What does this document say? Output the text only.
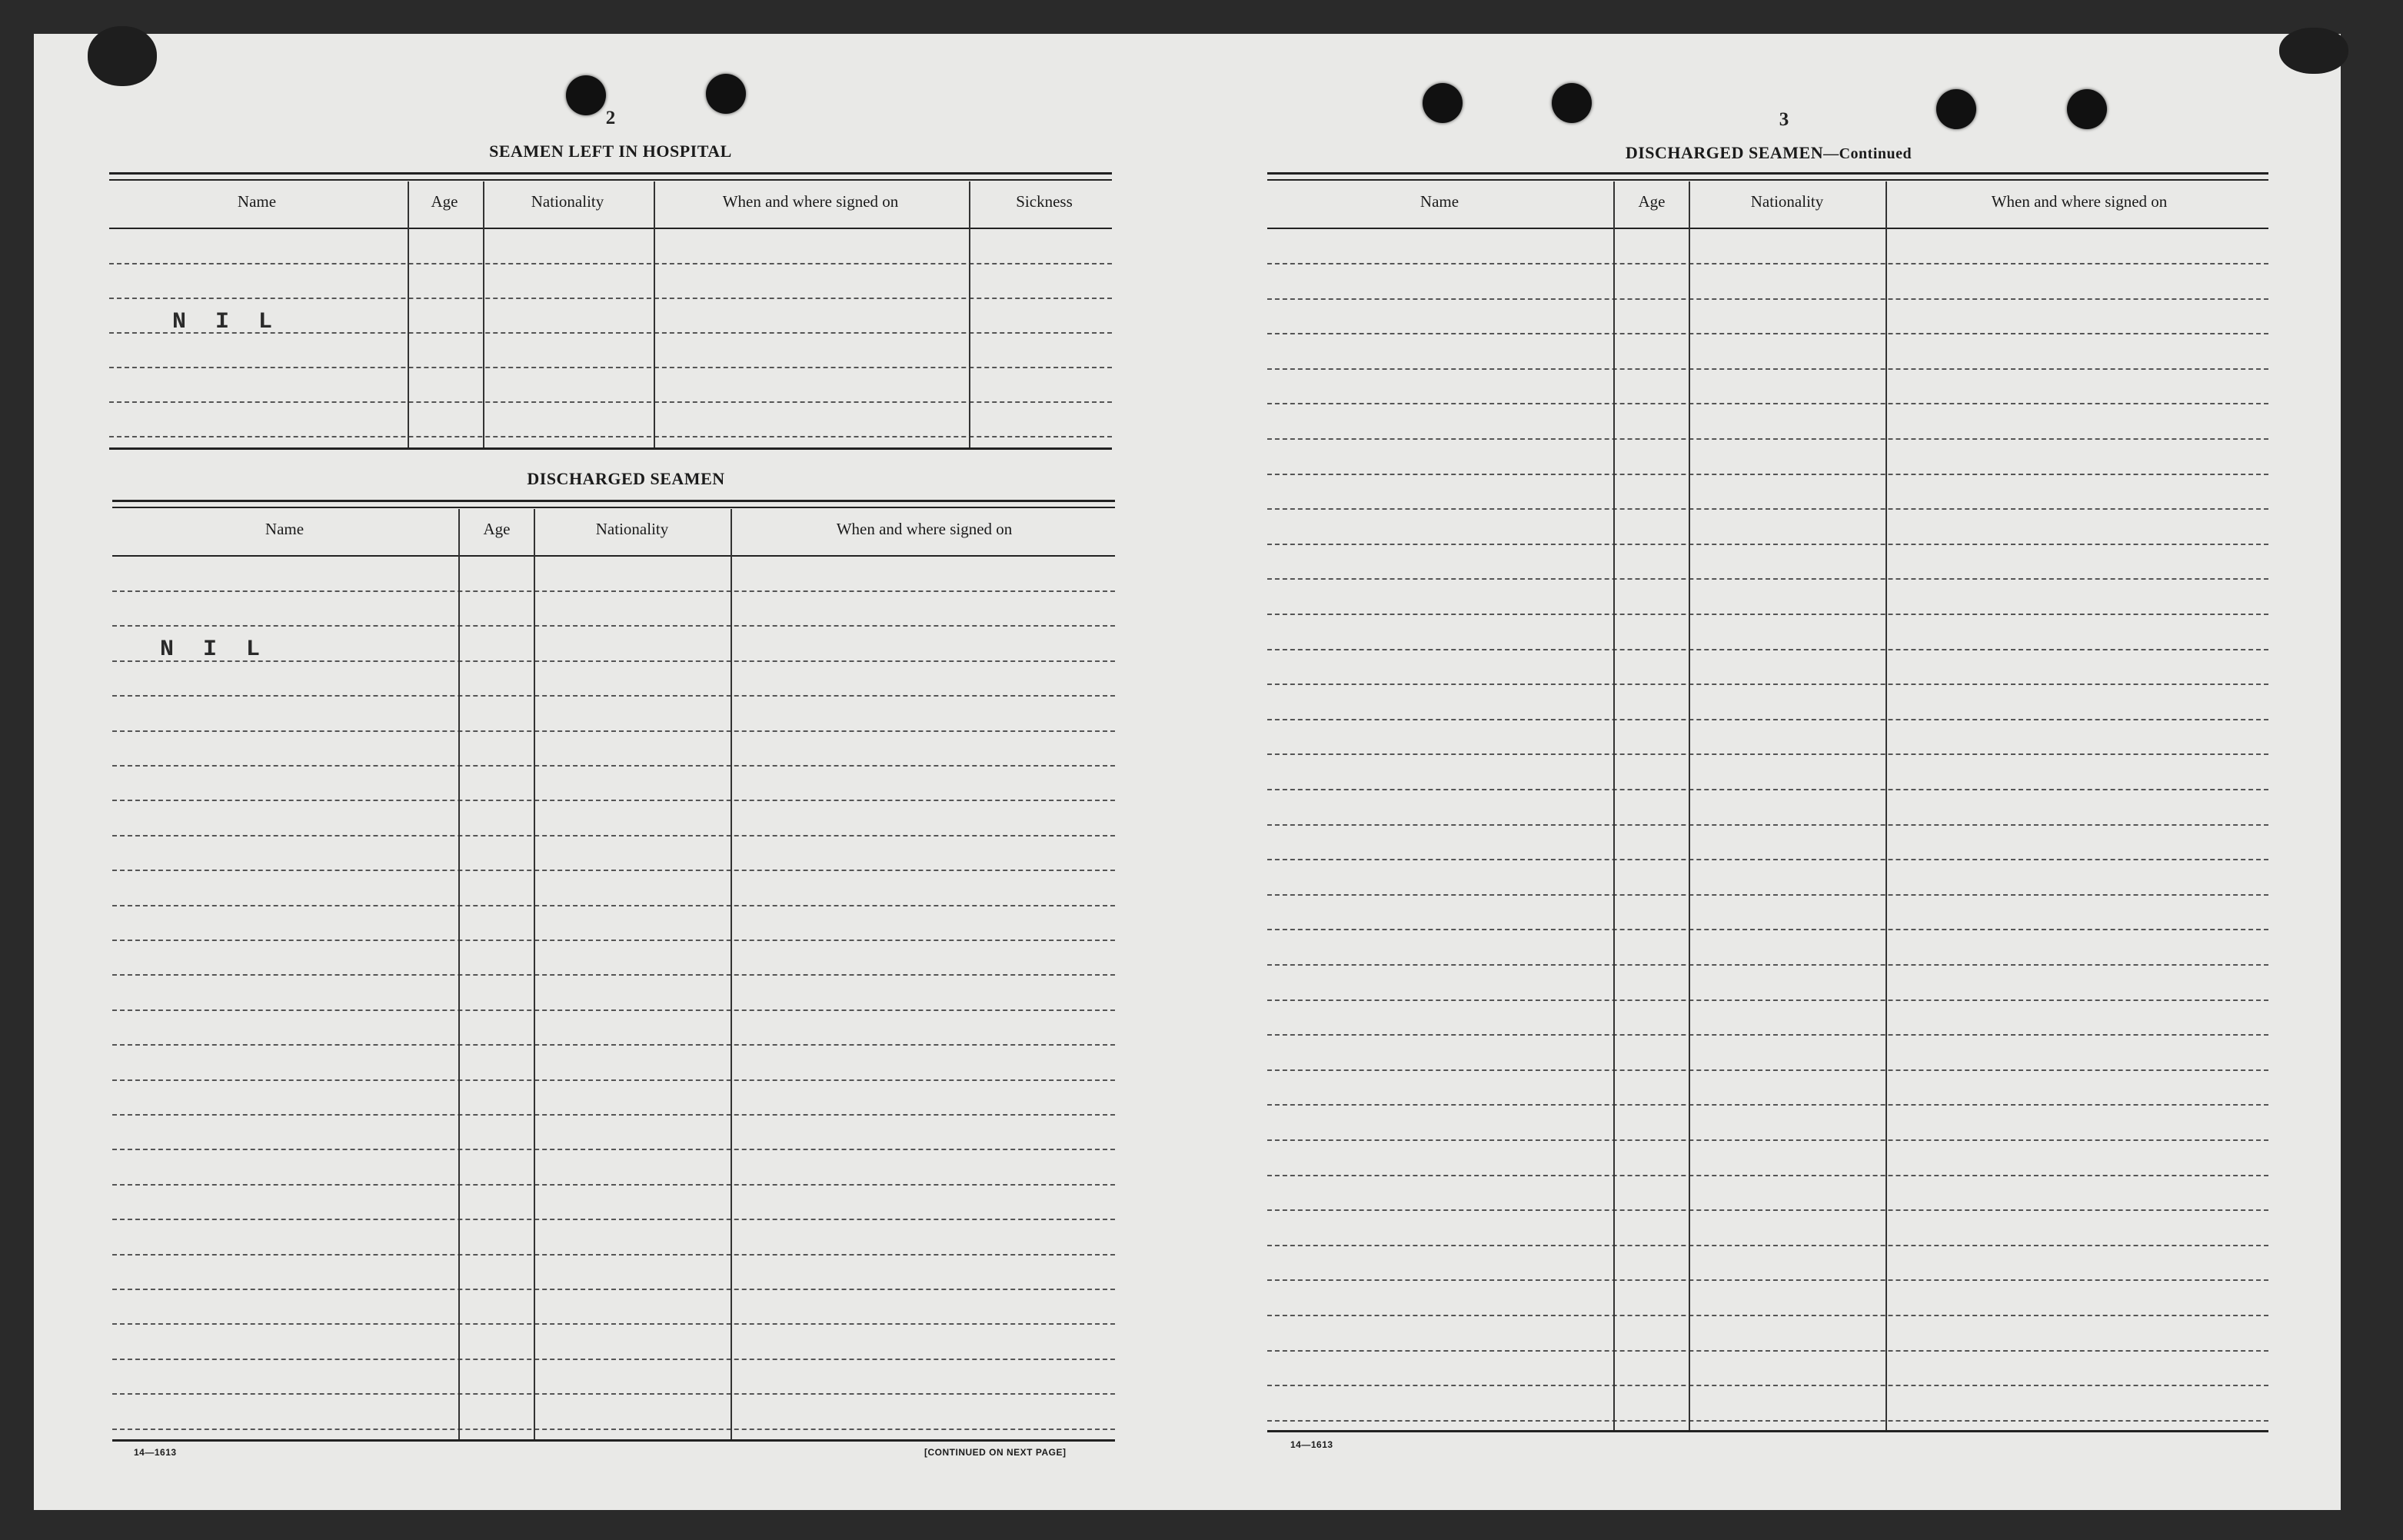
2
SEAMEN LEFT IN HOSPITAL
Name	Age	Nationality	When and where signed on	Sickness
N I L
DISCHARGED SEAMEN
Name	Age	Nationality	When and where signed on
N I L
14—1613	[CONTINUED ON NEXT PAGE]
3
DISCHARGED SEAMEN—Continued
Name	Age	Nationality	When and where signed on
14—1613
